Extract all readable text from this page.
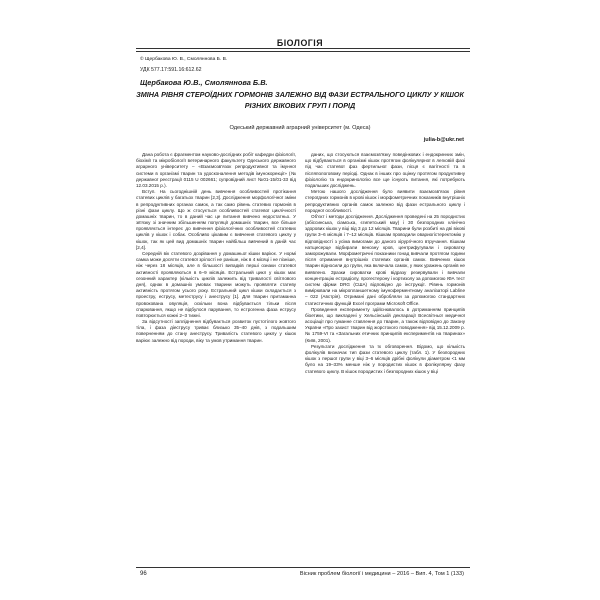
БІОЛОГІЯ
© Щербакова Ю. В., Смоляннова Б. В.
УДК 577.17:591.16:612.62
Щербакова Ю.В., Смоляннова Б.В.
ЗМІНА РІВНЯ СТЕРОЇДНИХ ГОРМОНІВ ЗАЛЕЖНО ВІД ФАЗИ ЕСТРАЛЬНОГО ЦИКЛУ У КІШОК РІЗНИХ ВІКОВИХ ГРУП І ПОРІД
Одеський державний аграрний університет (м. Одеса)
julia-b@ukr.net

Дана робота є фрагментом науково-дослідних робіт кафедри фізіології, біохімії та мікробіології ветеринарного факультету Одеського державного аграрного університету – «Взаємозв'язок репродуктивної та імунної системи в організмі тварин та удосконалення методів імунокорекції» (№ державної реєстрації 0115 U 002661; супровідний лист №01-15/01-33 від 12.03.2015 р.).

Вступ. На сьогоднішній день вивчення особливостей протікання статевих циклів у багатьох тварин [2,3]. Дослідження морфологічної зміни в репродуктивних органах самок, а так само рівень статевих гормонів в різні фази циклу. Що ж стосується особливостей статевої циклічності домашніх тварин, то в даний час це питання вивчено недостатньо. У зв'язку зі значним збільшенням популяції домашніх тварин, все більше проявляється інтерес до вивчення фізіологічних особливостей статевих циклів у кішок і собак. Особливо цікавим є вивчення статевого циклу у кішок, так як цей вид домашніх тварин найбільш вивчений в даній час [2,4].

Середній вік статевого дозрівання у домашньої кішки варіює. У нормі самка може досягти статевої зрілості не раніше, ніж в 4 місяці і не пізніше, ніж через 18 місяців, але в більшості випадків перші ознаки статевої активності проявляються в 6–9 місяців. Естральний цикл у кішок має сезонний характер (кількість циклів залежить від тривалості світлового дня), однак в домашніх умовах тварини можуть проявляти статеву активність протягом усього року. Естральний цикл кішки складається з проестру, еструсу, метеструсу і анеструсу [1]. Для тварин притаманна провокована овуляція, оскільки вона відбувається тільки після спарювання, якщо не відбулося парування, то естрогенна фаза еструсу повторюється кожні 2–3 тижні.

За відсутності запліднення відбувається розвиток пустотілого жовтого тіла, і фаза діеструсу триває близько 35–40 днів, з подальшим поверненням до стану анеструсу. Тривалість статевого циклу у кішок варіює залежно від породи, віку та умов утримання тварин.

даних, що стосуються взаємозв'язку поведінкових і ендокринних змін, що відбуваються в організмі кішок протягом фолікулярної в легковій фазі під час статевої фаз фертильної фази, пісця є вагітності та в післяпологовому періоді. Однак в інших про оцінку протягом продуктивну фізіологію та ендокринологію все ще існують питання, які потребують подальших досліджень.

Метою нашого дослідження було виявити взаємозв'язок рівня стероїдних гормонів в крові кішок і морфометричних показників внутрішніх репродуктивних органів самок залежно від фази естрального циклу і породної особливості.

Об'єкт і методи дослідження. Дослідження проведені на 25 породистих (абіссинська, сіамська, єгипетський мау) і 30 безпородних клінічно здорових кішок у віці від 3 до 12 місяців. Тварини були розбиті на дві вікові групи 3–6 місяців і 7–12 місяців. Кішкам проводили овариогістеректомію у відповідності з усіма вимогами до даного хірургічного втручання. Кішкам натщесерце відбирали венозну кров, центрифугували і сироватку заморожували. Морфометричні показники гонад вивчали протягом години після отримання внутрішніх статевих органів самок. Вивчених кішок тварин відносили до групи, яка включала самок, у яких уражень органів не виявлено. Зразки сироватки крові відразу резервували і вивчали концентрацію естрадіолу, прогестерону і кортизолу за допомогою ІФА тест систем фірми DRG (США) відповідно до інструкції. Рівень гормонів вимірювали на мікропланшетному імуноферментному аналізаторі Labline – 022 (Австрія). Отримані дані обробляли за допомогою стандартних статистичних функцій Excel програми Microsoft Office.

Проведення експерименту здійснювалось в дотриманням принципів біоетики, що викладені у Хельсінській декларації Всесвітньої медичної асоціації про гуманне ставлення до тварин, а також відповідно до Закону України «Про захист тварин від жорстокого поводження» від 15.12.2009 р. № 1759-VI та «Загальних етичних принципів експериментів на тваринах» (Київ, 2001).

Результати дослідження та їх обговорення. Відомо, що кількість фолікулів визначає тип фази статевого циклу (табл. 1). У безпородних кішок з першої групи у віці 3–6 місяців дрібні фолікули діаметром <1 мм було на 19–33% менше ніж у породистих кішок в фолікулярну фазу статевого циклу. В кішок породистих і безпородних кішок у віці

96	Вісник проблем біології і медицини – 2016 – Вип. 4, Том 1 (133)
